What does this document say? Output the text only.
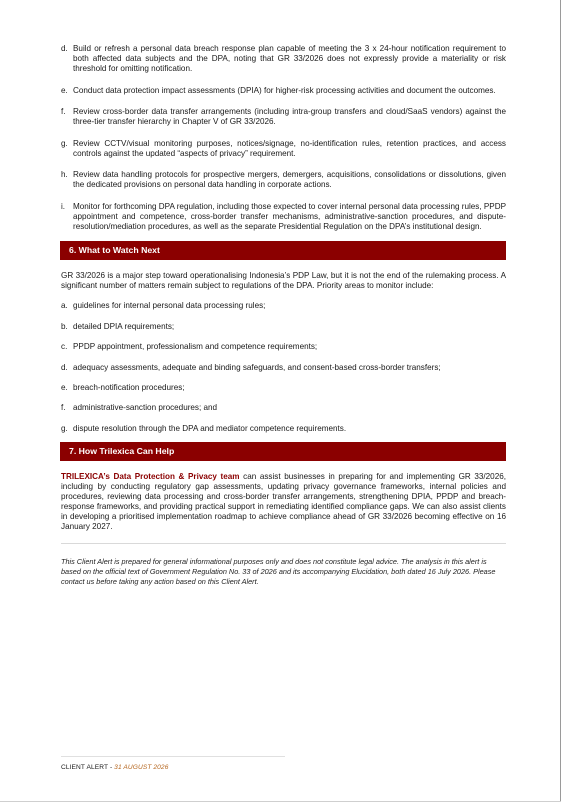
d. Build or refresh a personal data breach response plan capable of meeting the 3 x 24-hour notification requirement to both affected data subjects and the DPA, noting that GR 33/2026 does not expressly provide a materiality or risk threshold for omitting notification.
e. Conduct data protection impact assessments (DPIA) for higher-risk processing activities and document the outcomes.
f. Review cross-border data transfer arrangements (including intra-group transfers and cloud/SaaS vendors) against the three-tier transfer hierarchy in Chapter V of GR 33/2026.
g. Review CCTV/visual monitoring purposes, notices/signage, no-identification rules, retention practices, and access controls against the updated “aspects of privacy” requirement.
h. Review data handling protocols for prospective mergers, demergers, acquisitions, consolidations or dissolutions, given the dedicated provisions on personal data handling in corporate actions.
i. Monitor for forthcoming DPA regulation, including those expected to cover internal personal data processing rules, PPDP appointment and competence, cross-border transfer mechanisms, administrative-sanction procedures, and dispute-resolution/mediation procedures, as well as the separate Presidential Regulation on the DPA’s institutional design.
6. What to Watch Next
GR 33/2026 is a major step toward operationalising Indonesia’s PDP Law, but it is not the end of the rulemaking process. A significant number of matters remain subject to regulations of the DPA. Priority areas to monitor include:
a. guidelines for internal personal data processing rules;
b. detailed DPIA requirements;
c. PPDP appointment, professionalism and competence requirements;
d. adequacy assessments, adequate and binding safeguards, and consent-based cross-border transfers;
e. breach-notification procedures;
f. administrative-sanction procedures; and
g. dispute resolution through the DPA and mediator competence requirements.
7. How Trilexica Can Help
TRILEXICA’s Data Protection & Privacy team can assist businesses in preparing for and implementing GR 33/2026, including by conducting regulatory gap assessments, updating privacy governance frameworks, internal policies and procedures, reviewing data processing and cross-border transfer arrangements, strengthening DPIA, PPDP and breach-response frameworks, and providing practical support in remediating identified compliance gaps. We can also assist clients in developing a prioritised implementation roadmap to achieve compliance ahead of GR 33/2026 becoming effective on 16 January 2027.
This Client Alert is prepared for general informational purposes only and does not constitute legal advice. The analysis in this alert is based on the official text of Government Regulation No. 33 of 2026 and its accompanying Elucidation, both dated 16 July 2026. Please contact us before taking any action based on this Client Alert.
CLIENT ALERT - 31 AUGUST 2026
